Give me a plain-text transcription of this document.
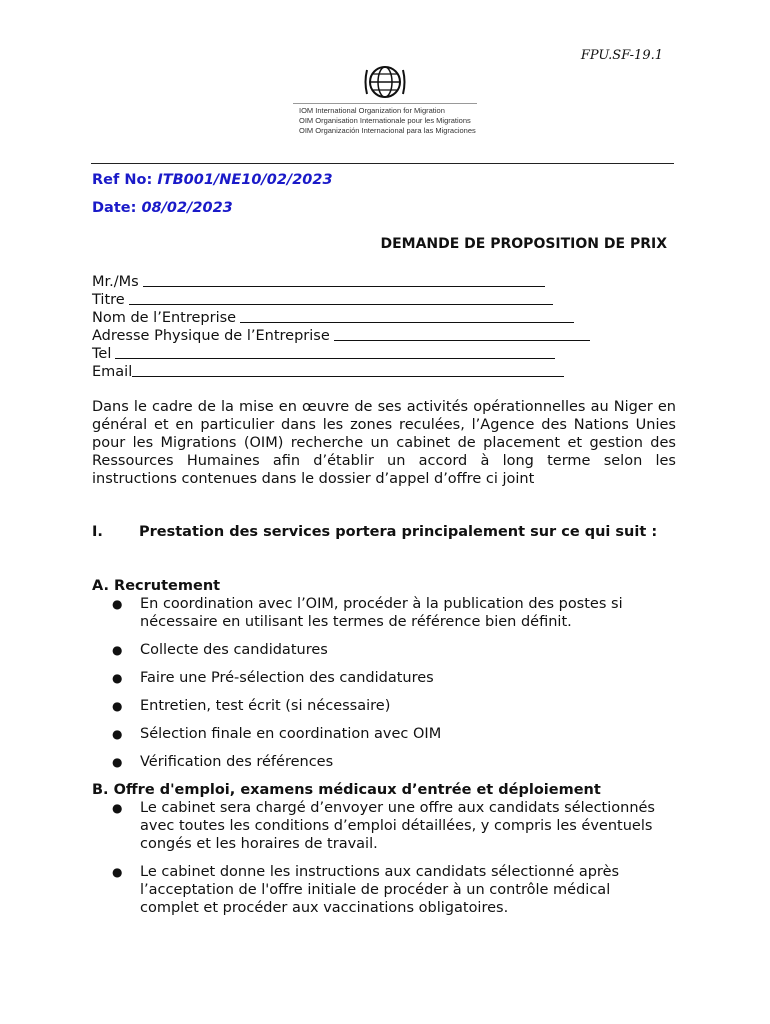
FPU.SF-19.1
IOM International Organization for Migration
OIM Organisation Internationale pour les Migrations
OIM Organización Internacional para las Migraciones
Ref No: ITB001/NE10/02/2023
Date: 08/02/2023
DEMANDE DE PROPOSITION DE PRIX
Mr./Ms
Titre
Nom de l’Entreprise
Adresse Physique de l’Entreprise
Tel
Email
Dans le cadre de la mise en œuvre de ses activités opérationnelles au Niger en général et en particulier dans les zones reculées, l’Agence des Nations Unies pour les Migrations (OIM) recherche un cabinet de placement et gestion des Ressources Humaines afin d’établir un accord à long terme selon les instructions contenues dans le dossier d’appel d’offre ci joint
I.	Prestation des services portera principalement sur ce qui suit :
A. Recrutement
●	En coordination avec l’OIM, procéder à la publication des postes si nécessaire en utilisant les termes de référence bien définit.
●	Collecte des candidatures
●	Faire une Pré-sélection des candidatures
●	Entretien, test écrit (si nécessaire)
●	Sélection finale en coordination avec OIM
●	Vérification des références
B. Offre d'emploi, examens médicaux d’entrée et déploiement
●	Le cabinet sera chargé d’envoyer une offre aux candidats sélectionnés avec toutes les conditions d’emploi détaillées, y compris les éventuels congés et les horaires de travail.
●	Le cabinet donne les instructions aux candidats sélectionné après l’acceptation de l'offre initiale de procéder à un contrôle médical complet et procéder aux vaccinations obligatoires.
